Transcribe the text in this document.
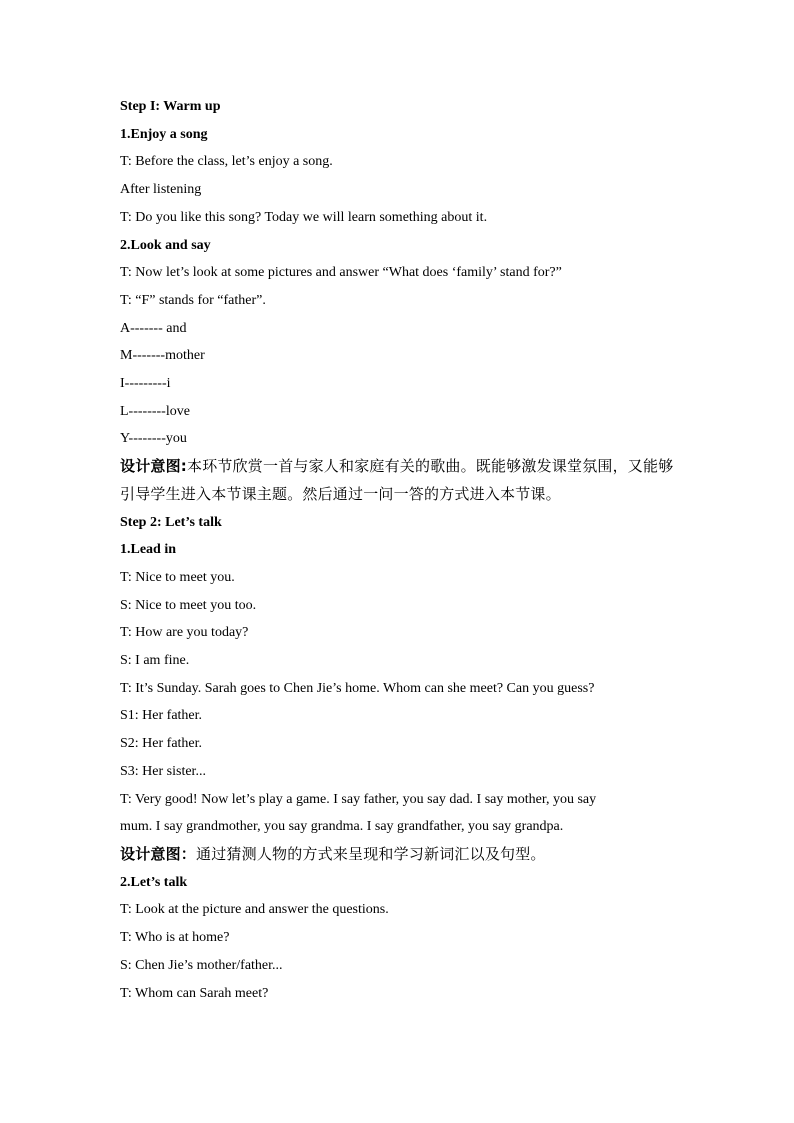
Step I: Warm up

1.Enjoy a song

T: Before the class, let’s enjoy a song.

After listening

T: Do you like this song? Today we will learn something about it.

2.Look and say

T: Now let’s look at some pictures and answer “What does ‘family’ stand for?”

T: “F” stands for “father”.

A------- and

M-------mother

I---------i

L--------love

Y--------you

设计意图:本环节欣赏一首与家人和家庭有关的歌曲。既能够激发课堂氛围，又能够引导学生进入本节课主题。然后通过一问一答的方式进入本节课。

Step 2: Let’s talk

1.Lead in

T: Nice to meet you.

S: Nice to meet you too.

T: How are you today?

S: I am fine.

T: It’s Sunday. Sarah goes to Chen Jie’s home. Whom can she meet? Can you guess?

S1: Her father.

S2: Her father.

S3: Her sister...

T: Very good! Now let’s play a game. I say father, you say dad. I say mother, you say

mum. I say grandmother, you say grandma. I say grandfather, you say grandpa.

设计意图：通过猜测人物的方式来呈现和学习新词汇以及句型。

2.Let’s talk

T: Look at the picture and answer the questions.

T: Who is at home?

S: Chen Jie’s mother/father...

T: Whom can Sarah meet?
